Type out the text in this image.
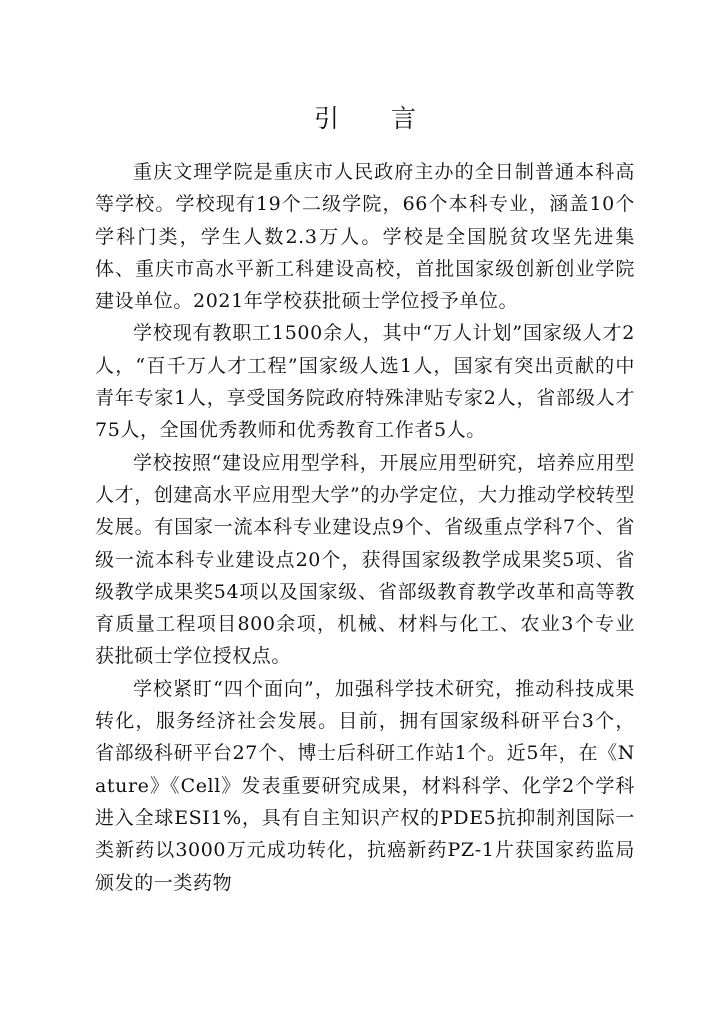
引 言

重庆文理学院是重庆市人民政府主办的全日制普通本科高等学校。学校现有19个二级学院，66个本科专业，涵盖10个学科门类，学生人数2.3万人。学校是全国脱贫攻坚先进集体、重庆市高水平新工科建设高校，首批国家级创新创业学院建设单位。2021年学校获批硕士学位授予单位。

学校现有教职工1500余人，其中“万人计划”国家级人才2人，“百千万人才工程”国家级人选1人，国家有突出贡献的中青年专家1人，享受国务院政府特殊津贴专家2人，省部级人才75人，全国优秀教师和优秀教育工作者5人。

学校按照“建设应用型学科，开展应用型研究，培养应用型人才，创建高水平应用型大学”的办学定位，大力推动学校转型发展。有国家一流本科专业建设点9个、省级重点学科7个、省级一流本科专业建设点20个，获得国家级教学成果奖5项、省级教学成果奖54项以及国家级、省部级教育教学改革和高等教育质量工程项目800余项，机械、材料与化工、农业3个专业获批硕士学位授权点。

学校紧盯“四个面向”，加强科学技术研究，推动科技成果转化，服务经济社会发展。目前，拥有国家级科研平台3个，省部级科研平台27个、博士后科研工作站1个。近5年，在《Nature》《Cell》发表重要研究成果，材料科学、化学2个学科进入全球ESI1%，具有自主知识产权的PDE5抗抑制剂国际一类新药以3000万元成功转化，抗癌新药PZ-1片获国家药监局颁发的一类药物
